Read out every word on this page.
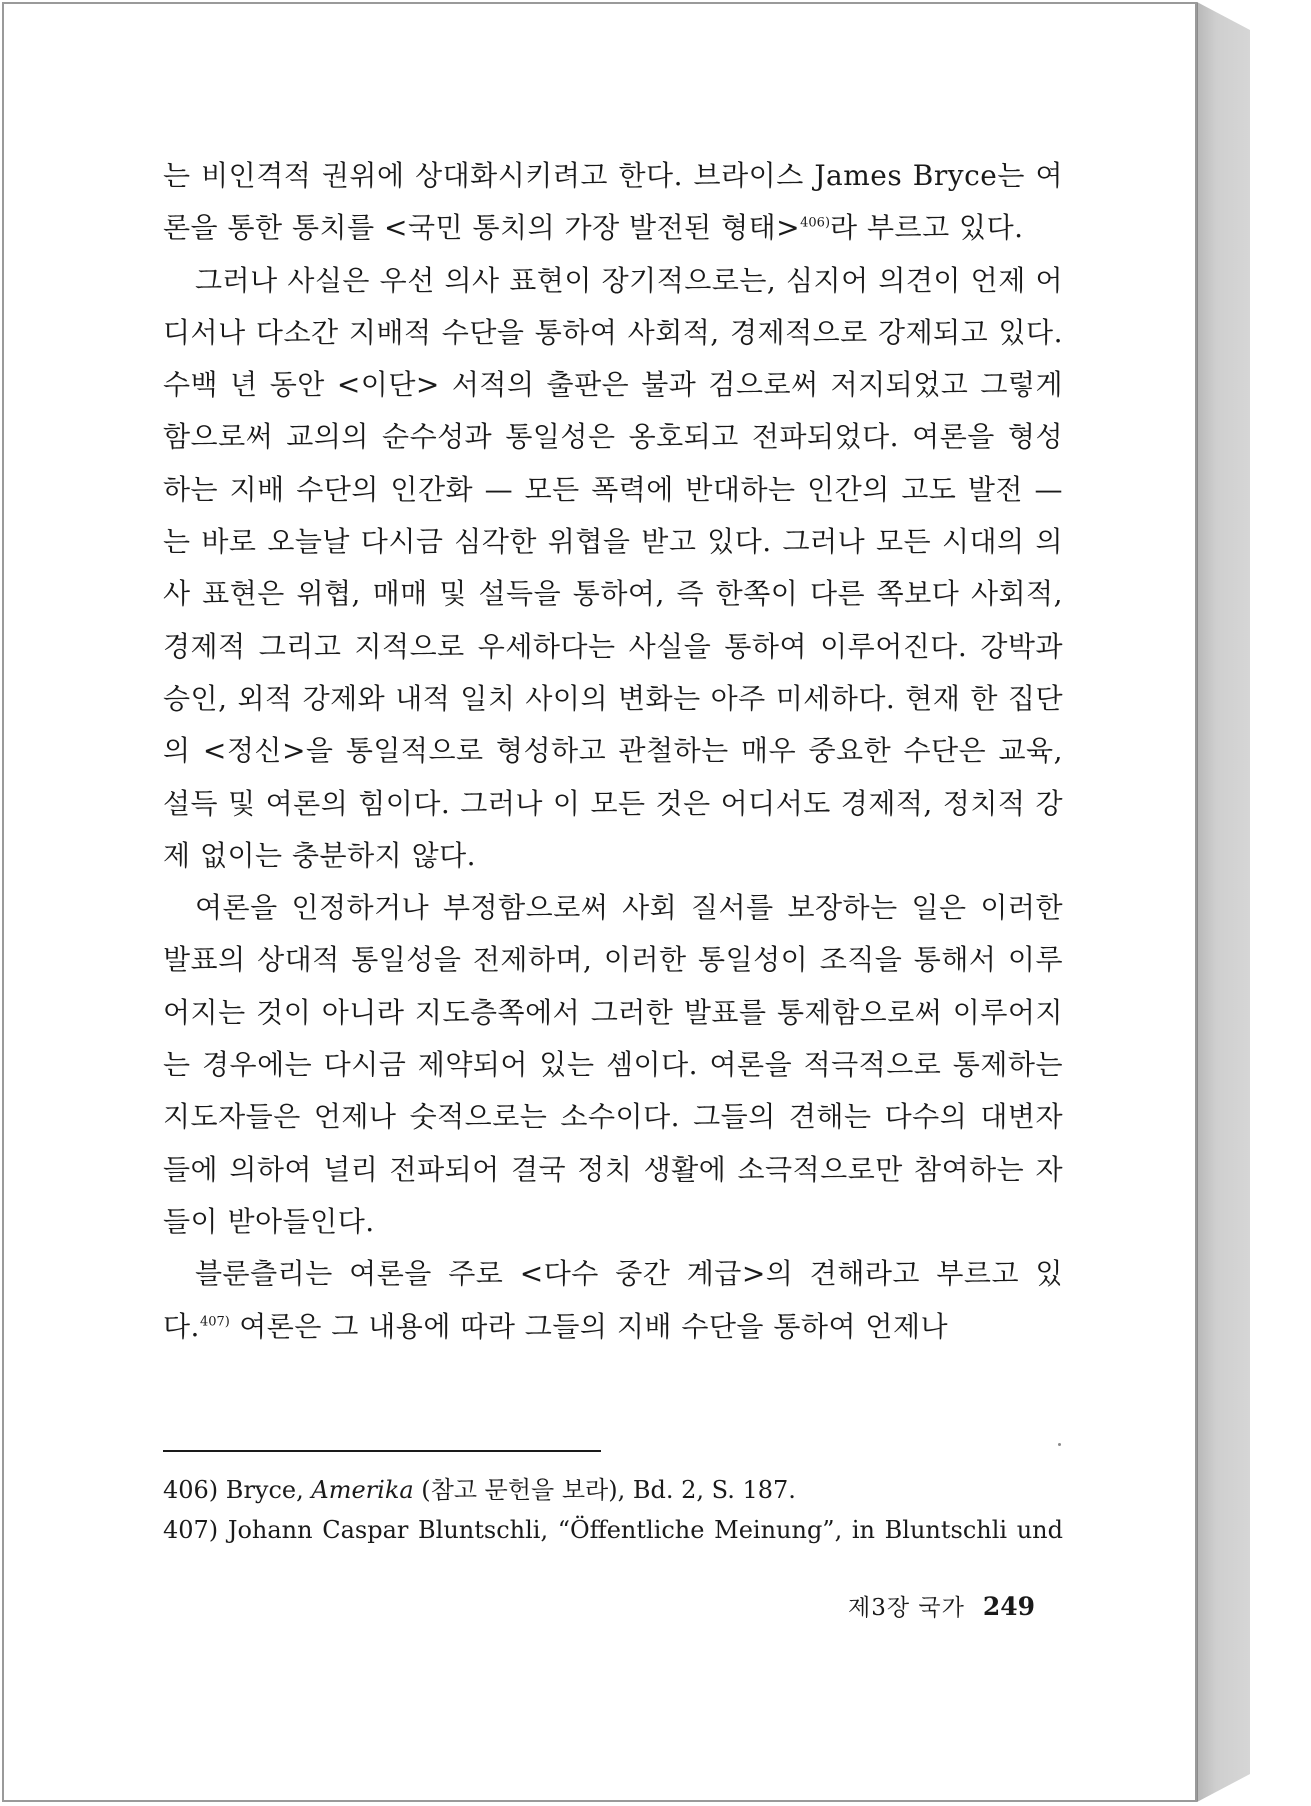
는 비인격적 권위에 상대화시키려고 한다. 브라이스 James Bryce는 여론을 통한 통치를 <국민 통치의 가장 발전된 형태>$^{406)}$라 부르고 있다.

그러나 사실은 우선 의사 표현이 장기적으로는, 심지어 의견이 언제 어디서나 다소간 지배적 수단을 통하여 사회적, 경제적으로 강제되고 있다. 수백 년 동안 <이단> 서적의 출판은 불과 검으로써 저지되었고 그렇게 함으로써 교의의 순수성과 통일성은 옹호되고 전파되었다. 여론을 형성하는 지배 수단의 인간화 — 모든 폭력에 반대하는 인간의 고도 발전 — 는 바로 오늘날 다시금 심각한 위협을 받고 있다. 그러나 모든 시대의 의사 표현은 위협, 매매 및 설득을 통하여, 즉 한쪽이 다른 쪽보다 사회적, 경제적 그리고 지적으로 우세하다는 사실을 통하여 이루어진다. 강박과 승인, 외적 강제와 내적 일치 사이의 변화는 아주 미세하다. 현재 한 집단의 <정신>을 통일적으로 형성하고 관철하는 매우 중요한 수단은 교육, 설득 및 여론의 힘이다. 그러나 이 모든 것은 어디서도 경제적, 정치적 강제 없이는 충분하지 않다.

여론을 인정하거나 부정함으로써 사회 질서를 보장하는 일은 이러한 발표의 상대적 통일성을 전제하며, 이러한 통일성이 조직을 통해서 이루어지는 것이 아니라 지도층쪽에서 그러한 발표를 통제함으로써 이루어지는 경우에는 다시금 제약되어 있는 셈이다. 여론을 적극적으로 통제하는 지도자들은 언제나 숫적으로는 소수이다. 그들의 견해는 다수의 대변자들에 의하여 널리 전파되어 결국 정치 생활에 소극적으로만 참여하는 자들이 받아들인다.

블룬츨리는 여론을 주로 <다수 중간 계급>의 견해라고 부르고 있다.$^{407)}$ 여론은 그 내용에 따라 그들의 지배 수단을 통하여 언제나

406) Bryce, Amerika (참고 문헌을 보라), Bd. 2, S. 187.

407) Johann Caspar Bluntschli, “Öffentliche Meinung”, in Bluntschli und

제3장 국가 249
